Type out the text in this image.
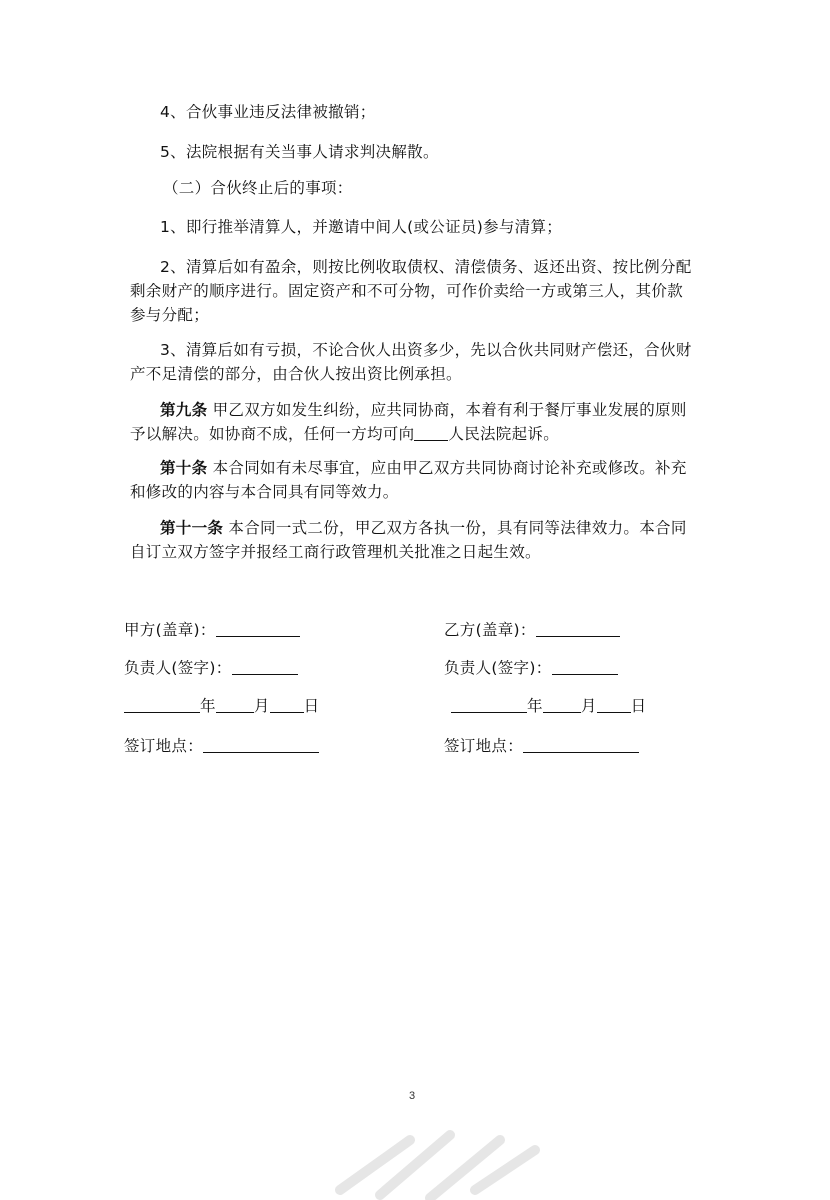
4、合伙事业违反法律被撤销；

5、法院根据有关当事人请求判决解散。

（二）合伙终止后的事项：

1、即行推举清算人，并邀请中间人(或公证员)参与清算；

2、清算后如有盈余，则按比例收取债权、清偿债务、返还出资、按比例分配剩余财产的顺序进行。固定资产和不可分物，可作价卖给一方或第三人，其价款参与分配；

3、清算后如有亏损，不论合伙人出资多少，先以合伙共同财产偿还，合伙财产不足清偿的部分，由合伙人按出资比例承担。

第九条 甲乙双方如发生纠纷，应共同协商，本着有利于餐厅事业发展的原则予以解决。如协商不成，任何一方均可向 人民法院起诉。

第十条 本合同如有未尽事宜，应由甲乙双方共同协商讨论补充或修改。补充和修改的内容与本合同具有同等效力。

第十一条 本合同一式二份，甲乙双方各执一份，具有同等法律效力。本合同自订立双方签字并报经工商行政管理机关批准之日起生效。

甲方(盖章)：	乙方(盖章)：
负责人(签字)：	负责人(签字)：
年 月 日	年 月 日
签订地点：	签订地点：
3
